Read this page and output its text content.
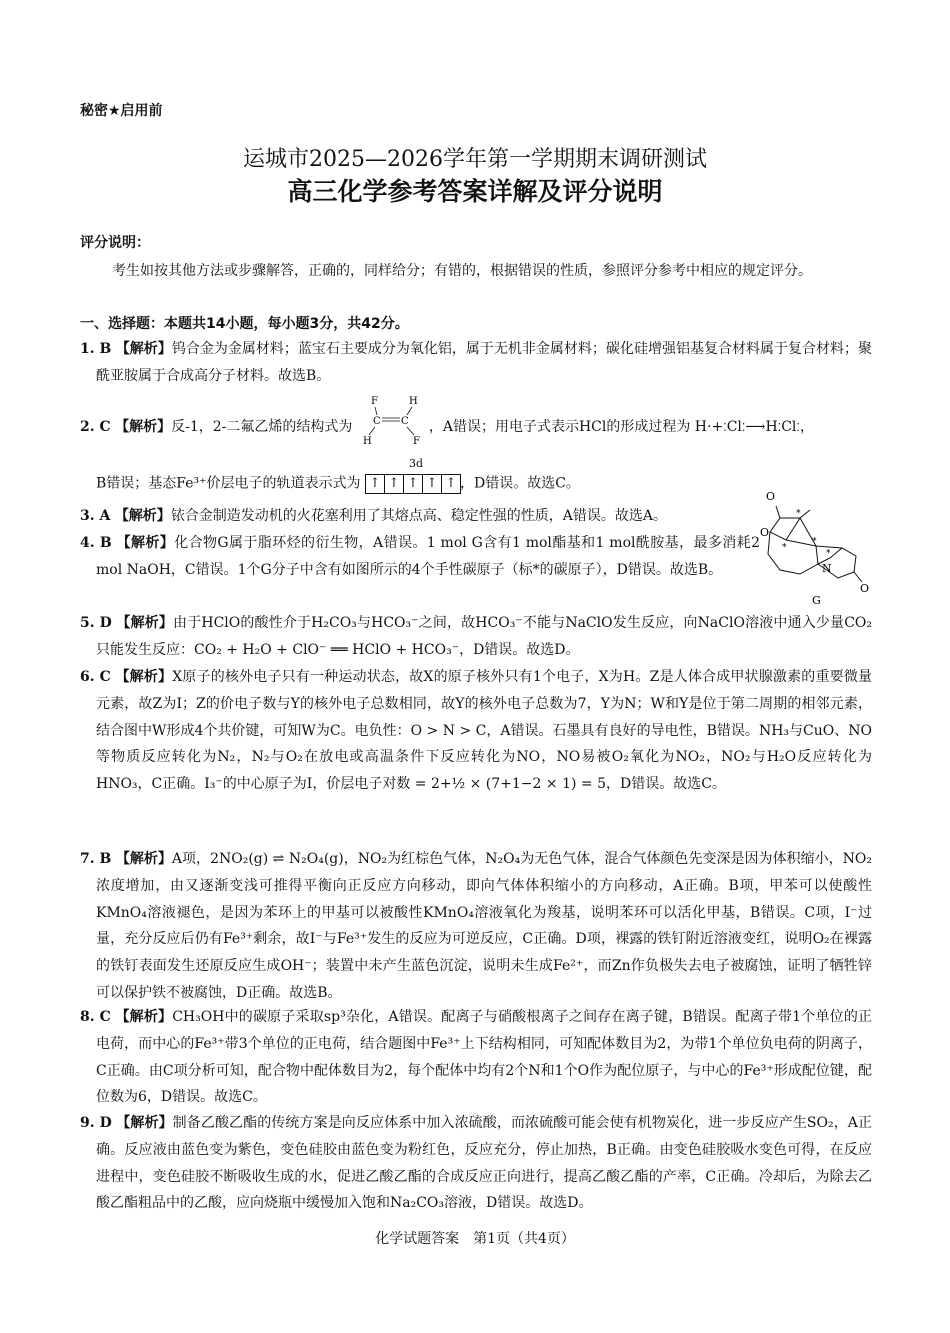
秘密★启用前
运城市2025—2026学年第一学期期末调研测试
高三化学参考答案详解及评分说明
评分说明：
考生如按其他方法或步骤解答，正确的，同样给分；有错的，根据错误的性质，参照评分参考中相应的规定评分。
一、选择题：本题共14小题，每小题3分，共42分。
1. B 【解析】钨合金为金属材料；蓝宝石主要成分为氧化铝，属于无机非金属材料；碳化硅增强铝基复合材料属于复合材料；聚酰亚胺属于合成高分子材料。故选B。
2. C 【解析】反-1，2-二氟乙烯的结构式为
F	H
C C
H	F
，A错误；用电子式表示HCl的形成过程为 H·+⁚Cl⁚⟶H⁚Cl⁚，
B错误；基态Fe³⁺价层电子的轨道表示式为
3d
↑ ↑ ↑ ↑ ↑ ，D错误。故选C。
3. A 【解析】铱合金制造发动机的火花塞利用了其熔点高、稳定性强的性质，A错误。故选A。
4. B 【解析】化合物G属于脂环烃的衍生物，A错误。1 mol G含有1 mol酯基和1 mol酰胺基，最多消耗2 mol NaOH，C错误。1个G分子中含有如图所示的4个手性碳原子（标*的碳原子），D错误。故选B。
O
O
N
O
*
*
*
*
G
5. D 【解析】由于HClO的酸性介于H₂CO₃与HCO₃⁻之间，故HCO₃⁻不能与NaClO发生反应，向NaClO溶液中通入少量CO₂只能发生反应：CO₂ + H₂O + ClO⁻ ══ HClO + HCO₃⁻，D错误。故选D。
6. C 【解析】X原子的核外电子只有一种运动状态，故X的原子核外只有1个电子，X为H。Z是人体合成甲状腺激素的重要微量元素，故Z为I；Z的价电子数与Y的核外电子总数相同，故Y的核外电子总数为7，Y为N；W和Y是位于第二周期的相邻元素，结合图中W形成4个共价键，可知W为C。电负性：O > N > C，A错误。石墨具有良好的导电性，B错误。NH₃与CuO、NO等物质反应转化为N₂，N₂与O₂在放电或高温条件下反应转化为NO，NO易被O₂氧化为NO₂，NO₂与H₂O反应转化为HNO₃，C正确。I₃⁻的中心原子为I，价层电子对数 = 2+½ × (7+1−2 × 1) = 5，D错误。故选C。
7. B 【解析】A项，2NO₂(g) ⇌ N₂O₄(g)，NO₂为红棕色气体，N₂O₄为无色气体，混合气体颜色先变深是因为体积缩小，NO₂浓度增加，由又逐渐变浅可推得平衡向正反应方向移动，即向气体体积缩小的方向移动，A正确。B项，甲苯可以使酸性KMnO₄溶液褪色，是因为苯环上的甲基可以被酸性KMnO₄溶液氧化为羧基，说明苯环可以活化甲基，B错误。C项，I⁻过量，充分反应后仍有Fe³⁺剩余，故I⁻与Fe³⁺发生的反应为可逆反应，C正确。D项，裸露的铁钉附近溶液变红，说明O₂在裸露的铁钉表面发生还原反应生成OH⁻；装置中未产生蓝色沉淀，说明未生成Fe²⁺，而Zn作负极失去电子被腐蚀，证明了牺牲锌可以保护铁不被腐蚀，D正确。故选B。
8. C 【解析】CH₃OH中的碳原子采取sp³杂化，A错误。配离子与硝酸根离子之间存在离子键，B错误。配离子带1个单位的正电荷，而中心的Fe³⁺带3个单位的正电荷，结合题图中Fe³⁺上下结构相同，可知配体数目为2，为带1个单位负电荷的阴离子，C正确。由C项分析可知，配合物中配体数目为2，每个配体中均有2个N和1个O作为配位原子，与中心的Fe³⁺形成配位键，配位数为6，D错误。故选C。
9. D 【解析】制备乙酸乙酯的传统方案是向反应体系中加入浓硫酸，而浓硫酸可能会使有机物炭化，进一步反应产生SO₂，A正确。反应液由蓝色变为紫色，变色硅胶由蓝色变为粉红色，反应充分，停止加热，B正确。由变色硅胶吸水变色可得，在反应进程中，变色硅胶不断吸收生成的水，促进乙酸乙酯的合成反应正向进行，提高乙酸乙酯的产率，C正确。冷却后，为除去乙酸乙酯粗品中的乙酸，应向烧瓶中缓慢加入饱和Na₂CO₃溶液，D错误。故选D。
化学试题答案　第1页（共4页）
